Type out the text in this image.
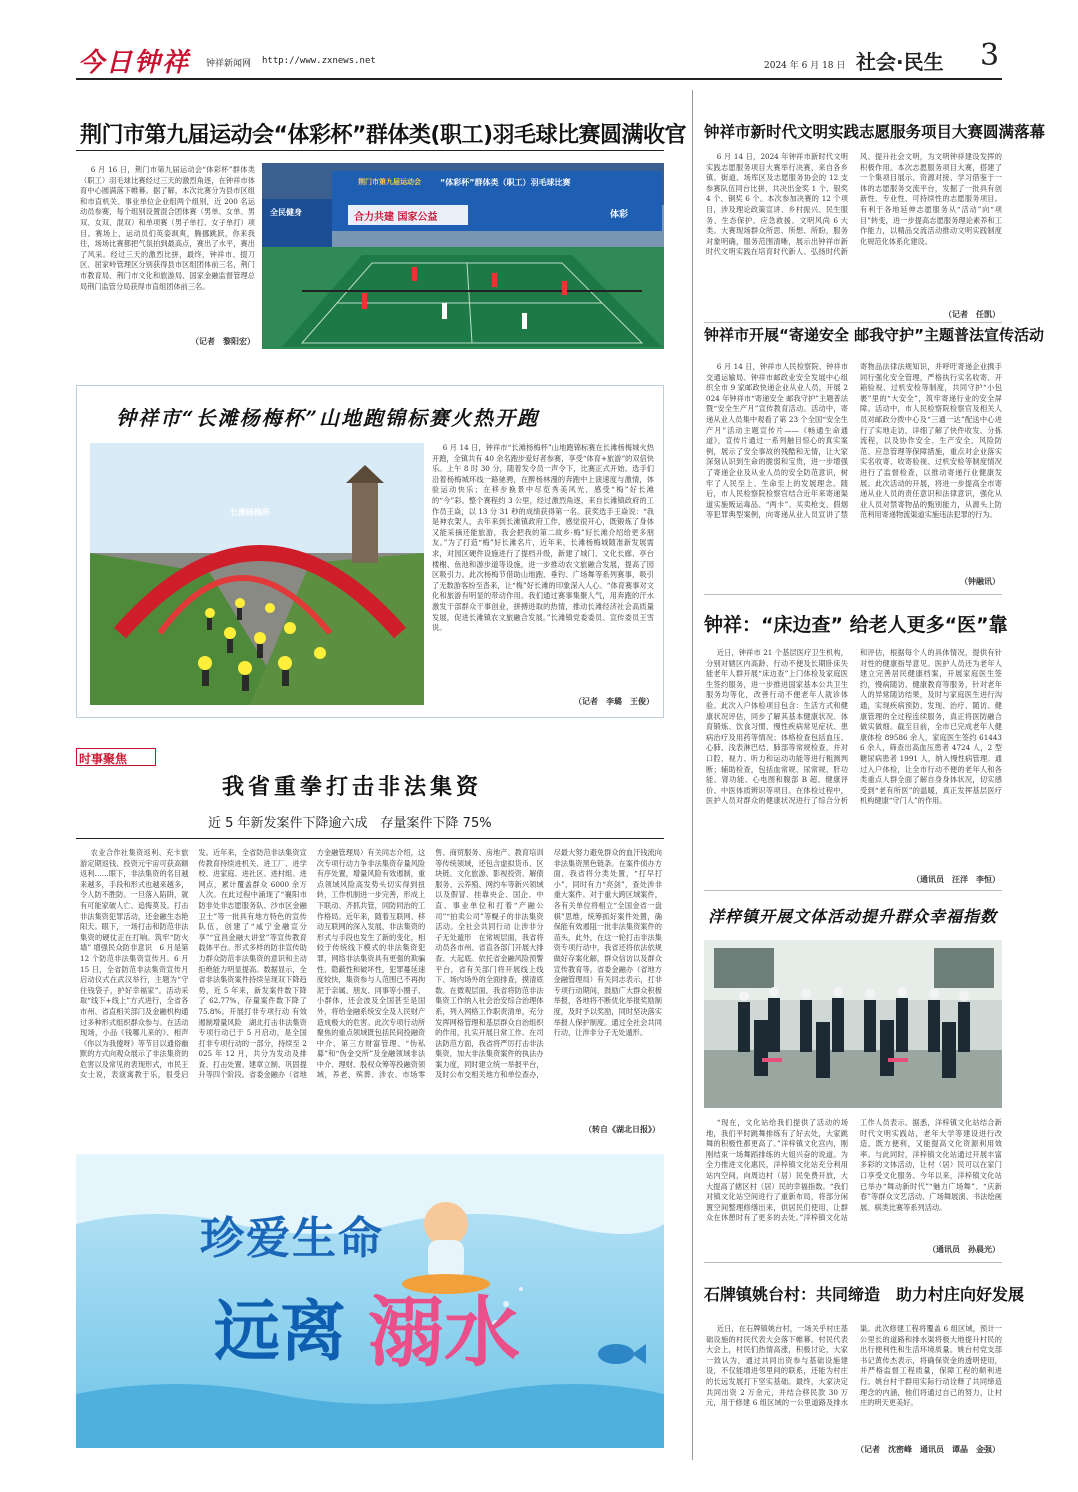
今日钟祥 钟祥新闻网 http://www.zxnews.net	2024 年 6 月 18 日 社会·民生 3
荆门市第九届运动会“体彩杯”群体类(职工)羽毛球比赛圆满收官
6 月 16 日，荆门市第九届运动会“体彩杯”群体类（职工）羽毛球比赛经过三天的激烈角逐，在钟祥市体育中心圆满落下帷幕。据了解，本次比赛分为县市区组和市直机关、事业单位企业组两个组别，近 200 名运动员参赛，每个组别设置混合团体赛（男单、女单、男双、女双、混双）和单项赛（男子单打、女子单打）项目。赛场上，运动员们英姿飒爽，腾挪跳跃，你来我往，场场比赛都把气氛拍到最高点，赛出了水平，赛出了风采。经过三天的激烈比拼，最终，钟祥市、掇刀区、屈家岭管理区分别获得县市区组团体前三名，荆门市教育局、荆门市文化和旅游局、国家金融监督管理总局荆门监管分局获得市直组团体前三名。
（记者　黎阳宏）
荆门市第九届运动会 “体彩杯”群体类（职工）羽毛球比赛
合力共建 国家公益
全民健身	体彩
钟祥市“长滩杨梅杯”山地跑锦标赛火热开跑
长滩杨梅杯
6 月 14 日，钟祥市“长滩杨梅杯”山地跑锦标赛在长滩杨梅城火热开跑，全镇共有 40 余名跑步爱好者参赛，享受“体育+旅游”的双倍快乐。上午 8 时 30 分，随着发令员一声令下，比赛正式开始。选手们沿着杨梅城环线一路驰骋，在醉杨林漫的奔跑中上演速度与激情，体验运动快乐；在移步换景中尽览秀美风光，感受“梅”好长滩的“今”彩。整个赛程约 3 公里，经过激烈角逐，来自长滩镇政府的工作员王焱，以 13 分 31 秒的成绩获得第一名。获奖选手王焱说：“我是神农架人，去年来到长滩镇政府工作，感觉很开心，既锻炼了身体又能采摘还能旅游，我会把我的第二故乡·梅”好长滩介绍给更多朋友。”为了打造“梅”好长滩名片，近年来，长滩杨梅城随准新发展需求，对园区硬件设施进行了提档升级，新建了城门、文化长廊、亭台楼榭、鱼池和游步道等设施，进一步推动农文旅融合发展，提高了园区吸引力。此次杨梅节借助山地跑、垂钓、广场舞等系列赛事，吸引了无数游客纷至沓来，让“梅”好长滩的印象深入人心。“体育赛事对文化和旅游有明显的带动作用。我们通过赛事集聚人气，用奔跑的汗水激发干部群众干事创业，拼搏进取的热情，推动长滩经济社会高质量发展，促进长滩镇农文旅融合发展。”长滩镇党委委员、宣传委员王雪说。
（记者　李璐　王俊）
时事聚焦
我省重拳打击非法集资
近 5 年新发案件下降逾六成　存量案件下降 75%
农业合作社集资返利、充卡旅游定期返钱、投资元宇宙可获高额返利……眼下，非法集资的名目越来越多，手段和形式也越来越多，令人防不胜防。一旦落入陷阱，就有可能家破人亡、追悔莫及。打击非法集资犯罪活动，还金融生态艳阳天。眼下，一场打击和防范非法集资的硬仗正在打响。筑牢“防火墙” 增强民众防非意识　6 月是第 12 个防范非法集资宣传月。6 月 15 日，全省防范非法集资宣传月启动仪式在武汉举行，主题为“守住钱袋子，护好幸福家”。活动采取“线下+线上”方式进行，全省各市州、省直相关部门及金融机构通过多种形式组织群众参与。在活动现场，小品《钱哪儿来的》、相声《你以为我傻呀》等节目以通俗幽默的方式向观众展示了非法集资的危害以及常见的表现形式，市民王女士说，表演寓教于乐，很受启发。近年来，全省防范非法集资宣传教育持续进机关、进工厂、进学校、进家庭、进社区、进村组、进网点，累计覆盖群众 6000 余万人次。在此过程中涌现了“襄阳市防非处非志愿服务队、沙市区金融卫士”等一批具有地方特色的宣传队伍，创建了“咸宁金融宣分享”“宜昌金融大讲堂”等宣传教育载体平台。形式多样的防非宣传助力群众防范非法集资的意识和主动拒绝能力明显提高。数据显示，全省非法集资案件持续呈现双下降趋势，近 5 年来，新发案件数下降了 62.77%，存量案件数下降了 75.8%。开展打非专项行动 有效遏制增量风险　湖北打击非法集资专项行动已于 5 月启动，是全国打非专项行动的一部分，持续至 2025 年 12 月，共分为发动及排查、打击处置、建章立制、巩固提升等四个阶段。省委金融办（省地方金融管理局）有关同志介绍，这次专项行动力争非法集资存量风险有序处置，增量风险有效遏制，重点领域风险高发势头切实得到扭转，工作机制进一步完善，形成上下联动、齐抓共管，同防同治的工作格局。近年来，随着互联网、移动互联网的深入发展，非法集资的形式与手段也发生了新的变化，相较于传统线下模式的非法集资犯罪，网络非法集资具有更强的欺骗性、隐蔽性和破坏性，犯罪蔓延速度较快，集资参与人范围已不再拘泥于亲属、朋友、同事等小圈子、小群体，还会波及全国甚至是国外，将给金融系统安全及人民财产造成极大的危害。此次专项行动所聚焦的重点领域既包括民间投融资中介、第三方财富管理、“伪私募”和“伪金交所”及金融领域非法中介、理财、股权众筹等投融资领域，养老、殡葬、涉农、市场零售、商贸服务、房地产、教育培训等传统领域，还包含虚拟货币、区块链、文化旅游、影视投资、解债服务、云养殖、网约车等新兴领域以及假冒、挂靠央企、国企、中直、事业单位和打着“产融公司”“拍卖公司”等幌子的非法集资活动。全社会共同行动 让涉非分子无处遁形　在常规层面，我省将动员各市州、省直各部门开展大排查、大起底。依托省金融风险预警平台，省有关部门将开展线上线下、场内场外的全面排查，摸清底数。在微观层面，我省将防范非法集资工作纳入社会治安综合治理体系，列入网格工作职责清单，充分发挥网格管理和基层群众自治组织的作用，扎实开展日常工作。在司法防范方面，我省将严厉打击非法集资，加大非法集资案件的执法办案力度，同时建立统一举报平台，及时公布交相关地方和单位查办，尽最大努力避免群众的血汗钱流向非法集资黑色链条。在案件侦办方面，我省将分类处置，“打早打小”，同时有力“亮剑”，查处涉非重大案件。对于重大跨区域案件，各有关单位将相立“全国金省一盘棋”思维，统筹抓好案件处置，确保能有效遏阻一批非法集资案件的苗头，此外，在这一轮打击非法集资专项行动中，我省还将依法依规做好存案化解，群众信访以及群众宣传教育等。省委金融办（省地方金融管理局）有关同志表示，打非专项行动期间，鼓励广大群众积极举报，各地将不断优化举报奖励制度，及时予以奖励，同时坚决落实举报人保护制度。通过全社会共同行动，让涉非分子无处遁形。
（转自《湖北日报》）
珍爱生命
远离 溺水
钟祥市新时代文明实践志愿服务项目大赛圆满落幕
6 月 14 日，2024 年钟祥市新时代文明实践志愿服务项目大赛举行决赛，来自各乡镇、街道、场库区及志愿服务协会的 12 支参赛队伍同台比拼，共决出金奖 1 个、银奖 4 个、铜奖 6 个。本次参加决赛的 12 个项目，涉及理论政策宣讲、乡村振兴、民生服务、生态保护、应急救援、文明风尚 6 大类。大赛现场群众所思、所想、所盼，服务对象明确，服务范围清晰，展示出钟祥市新时代文明实践在培育时代新人、弘扬时代新风、提升社会文明，为文明钟祥建设发挥的积极作用。本次志愿服务项目大赛，搭建了一个集项目展示、资源对接、学习借鉴于一体的志愿服务交流平台，发掘了一批具有创新性、专业性、可持续性的志愿服务项目。有利于各地延伸志愿服务从“活动”向“项目”转变，进一步提高志愿服务理论素养和工作能力，以精品交流活动推动文明实践制度化规范化体系化建设。
（记者　任凯）
钟祥市开展“寄递安全 邮我守护”主题普法宣传活动
6 月 14 日，钟祥市人民检察院、钟祥市交通运输局、钟祥市邮政业安全发展中心组织全市 9 家邮政快递企业从业人员，开展 2024 年钟祥市“寄递安全 邮我守护”主题普法暨“安全生产月”宣传教育活动。活动中，寄递从业人员集中观看了第 23 个全国“安全生产月”活动主题宣传片——《畅通生命通道》，宣传片通过一系列触目惊心的真实案例，展示了安全事故的残酷和无情，让大家深刻认识到生命的脆弱和宝贵，进一步增强了寄递企业及从业人员的安全防范意识，树牢了人民至上、生命至上的发展理念。随后，市人民检察院检察官结合近年来寄递渠道实施贩运毒品、“两卡”、买卖枪支、假烟等犯罪典型案例，向寄递从业人员宣讲了禁寄物品法律法规知识，并呼吁寄递企业携手同行强化安全管理，严格执行实名收寄、开箱验视、过机安检等制度，共同守护“小包裹”里的“大安全”，筑牢寄递行业的安全屏障。活动中，市人民检察院检察官及相关人员对邮政分拨中心及“三通一达”配送中心进行了实地走访，详细了解了快件收发、分拣流程，以及协作安全、生产安全、风险防范、应急管理等保障措施，重点对企业落实实名收寄、收寄验视、过机安检等制度情况进行了监督检查，以推动寄递行业健康发展。此次活动的开展，将进一步提高全市寄递从业人员的责任意识和法律意识，强化从业人员对禁寄物品的甄别能力，从源头上防范利用寄递物流渠道实施违法犯罪的行为。
（钟融讯）
钟祥：“床边查” 给老人更多“医”靠
近日，钟祥市 21 个基层医疗卫生机构，分别对辖区内高龄、行动不便及长期卧床失能老年人群开展“床边查”上门体检及家庭医生签约服务，进一步推进国家基本公共卫生服务均等化，改善行动不便老年人就诊体验。此次入户体检项目包含：生活方式和健康状况评估，同步了解其基本健康状况、体育锻炼、饮食习惯、慢性疾病常见症状、患病治疗及用药等情况；体格检查包括血压、心肺、浅表淋巴结、肺部等常规检查，并对口腔、视力、听力和运动功能等进行粗测判断；辅助检查，包括血常规、尿常规、肝功能、肾功能、心电图和腹部 B 超、健康评价、中医体质辨识等项目。在体检过程中，医护人员对群众的健康状况进行了综合分析和评估，根据每个人的具体情况，提供有针对性的健康指导意见。医护人员还为老年人建立完善居民健康档案，开展家庭医生签约，慢病随访、健康教育等服务，针对老年人的异常随访结果，及时与家庭医生进行沟通，实现疾病预防、发现、治疗、随访、健康管理的全过程连续服务，真正将医防融合做实做细。截至目前，全市已完成老年人健康体检 89586 余人，家庭医生签约 614436 余人，筛查出高血压患者 4724 人，2 型糖尿病患者 1991 人，纳入慢性病管理。通过入户体检，让全市行动不便的老年人和各类重点人群全面了解自身身体状况，切实感受到“老有所医”的温暖，真正发挥基层医疗机构健康“守门人”的作用。
（通讯员　汪洋　李恒）
洋梓镇开展文体活动提升群众幸福指数
“现在，文化站给我们提供了活动的场地，我们平时跳舞排练有了好去处，大家跳舞的积极性都更高了。”洋梓镇文化宫内，刚刚结束一场舞蹈排练的大姐兴奋的说道。为全力推进文化惠民，洋梓镇文化站充分利用站内空间，向周边村（居）民免费开放，大大提高了辖区村（居）民的幸福指数。“我们对镇文化站空间进行了重新布局，将部分闲置空间整理修缮出来，供居民们使用，让群众在休憩时有了更多的去处。”洋梓镇文化站工作人员表示。据悉，洋梓镇文化站结合新时代文明实践站，老年大学等建设进行改造，既方便利，又能提高文化资源利用效率。与此同时，洋梓镇文化站通过开展丰富多彩的文体活动，让村（居）民可以在家门口享受文化服务。今年以来，洋梓镇文化站已举办“舞动新时代”“魅力广场舞”、“庆新春”等群众文艺活动、广场舞展演、书法绘画展、棋类比赛等系列活动。
（通讯员　孙晨光）
石牌镇姚台村：共同缔造　助力村庄向好发展
近日，在石牌镇姚台村，一场关乎村庄基础设施的村民代表大会落下帷幕。村民代表大会上，村民们热情高涨，积极讨论，大家一致认为，通过共同出资参与基础设施建设，不仅能增进邻里间的联系，还能为村庄的长远发展打下坚实基础。最终，大家决定共同出资 2 万余元，并结合移民款 30 万元，用于修建 6 组区域的一公里道路及排水渠。此次修建工程将覆盖 6 组区域，预计一公里长的道路和排水渠将极大地提升村民的出行便利性和生活环境质量。姚台村党支部书记黄传杰表示，将确保资金的透明使用，并严格监督工程质量，保障工程的顺利进行。姚台村干群用实际行动诠释了共同缔造理念的内涵，他们将通过自己的努力，让村庄的明天更美好。
（记者　沈密峰　通讯员　谭晶　金强）
